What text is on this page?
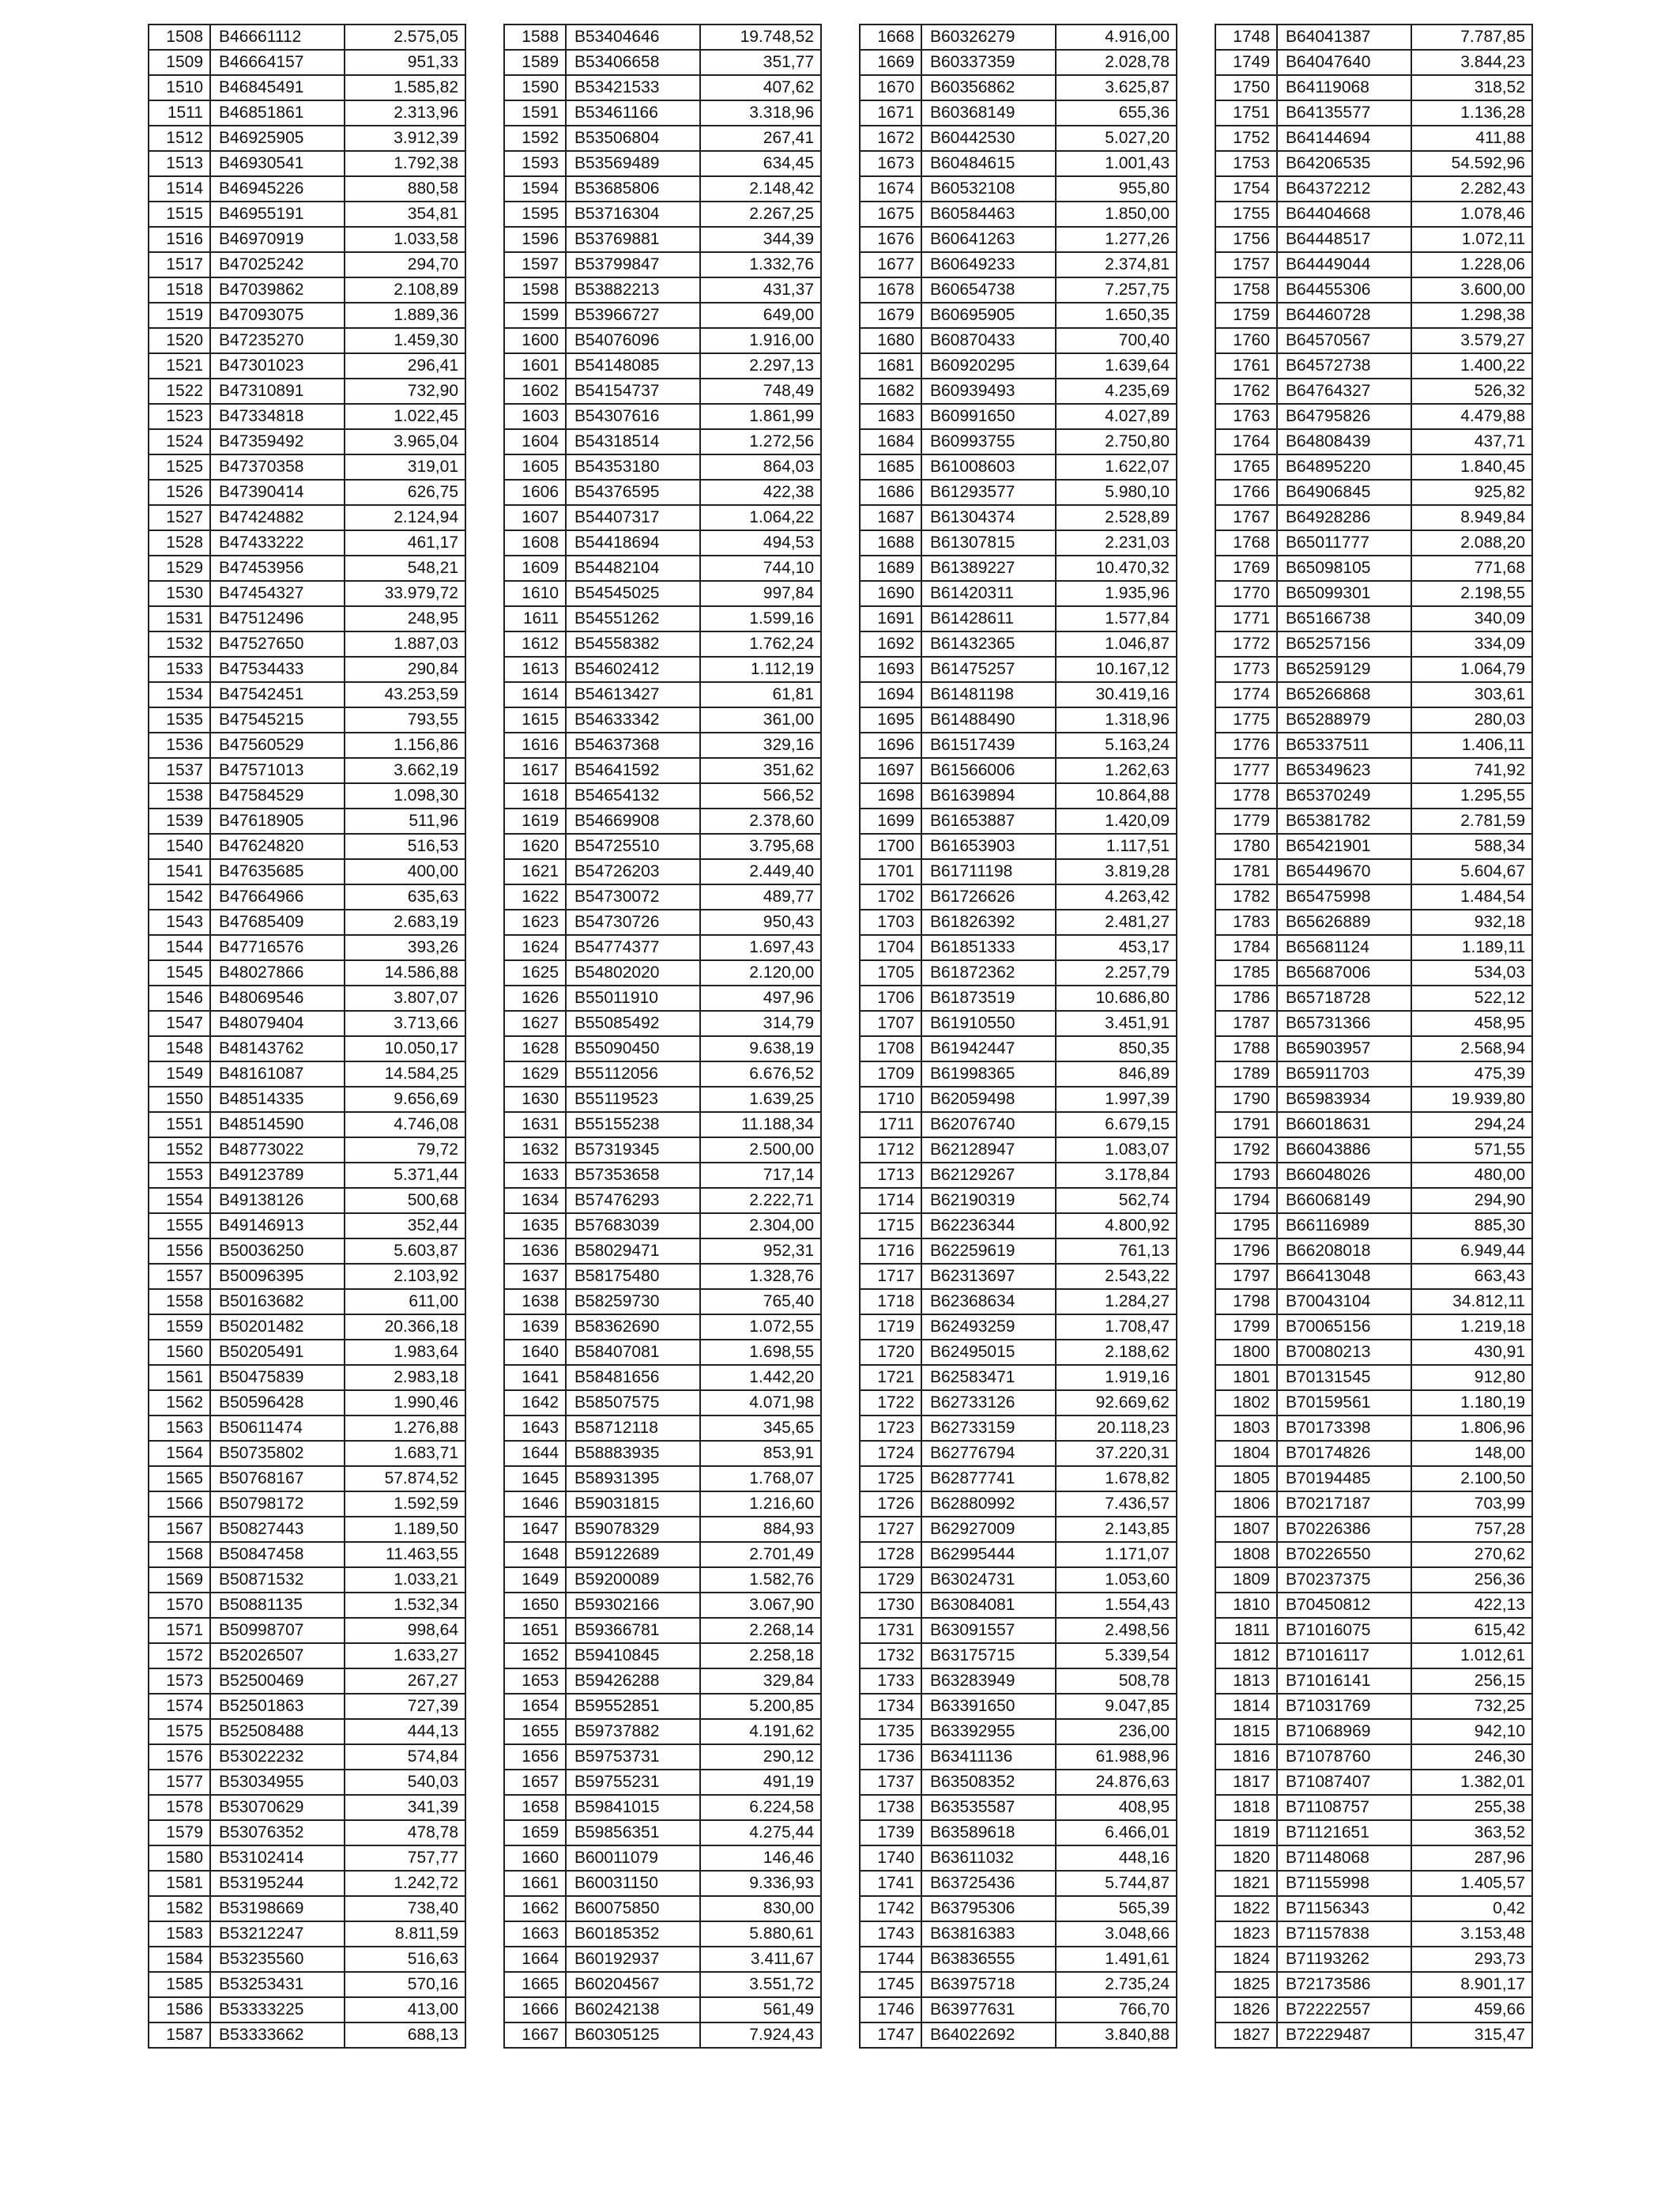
1508	B46661112	2.575,05
1509	B46664157	951,33
1510	B46845491	1.585,82
1511	B46851861	2.313,96
1512	B46925905	3.912,39
1513	B46930541	1.792,38
1514	B46945226	880,58
1515	B46955191	354,81
1516	B46970919	1.033,58
1517	B47025242	294,70
1518	B47039862	2.108,89
1519	B47093075	1.889,36
1520	B47235270	1.459,30
1521	B47301023	296,41
1522	B47310891	732,90
1523	B47334818	1.022,45
1524	B47359492	3.965,04
1525	B47370358	319,01
1526	B47390414	626,75
1527	B47424882	2.124,94
1528	B47433222	461,17
1529	B47453956	548,21
1530	B47454327	33.979,72
1531	B47512496	248,95
1532	B47527650	1.887,03
1533	B47534433	290,84
1534	B47542451	43.253,59
1535	B47545215	793,55
1536	B47560529	1.156,86
1537	B47571013	3.662,19
1538	B47584529	1.098,30
1539	B47618905	511,96
1540	B47624820	516,53
1541	B47635685	400,00
1542	B47664966	635,63
1543	B47685409	2.683,19
1544	B47716576	393,26
1545	B48027866	14.586,88
1546	B48069546	3.807,07
1547	B48079404	3.713,66
1548	B48143762	10.050,17
1549	B48161087	14.584,25
1550	B48514335	9.656,69
1551	B48514590	4.746,08
1552	B48773022	79,72
1553	B49123789	5.371,44
1554	B49138126	500,68
1555	B49146913	352,44
1556	B50036250	5.603,87
1557	B50096395	2.103,92
1558	B50163682	611,00
1559	B50201482	20.366,18
1560	B50205491	1.983,64
1561	B50475839	2.983,18
1562	B50596428	1.990,46
1563	B50611474	1.276,88
1564	B50735802	1.683,71
1565	B50768167	57.874,52
1566	B50798172	1.592,59
1567	B50827443	1.189,50
1568	B50847458	11.463,55
1569	B50871532	1.033,21
1570	B50881135	1.532,34
1571	B50998707	998,64
1572	B52026507	1.633,27
1573	B52500469	267,27
1574	B52501863	727,39
1575	B52508488	444,13
1576	B53022232	574,84
1577	B53034955	540,03
1578	B53070629	341,39
1579	B53076352	478,78
1580	B53102414	757,77
1581	B53195244	1.242,72
1582	B53198669	738,40
1583	B53212247	8.811,59
1584	B53235560	516,63
1585	B53253431	570,16
1586	B53333225	413,00
1587	B53333662	688,13
1588	B53404646	19.748,52
1589	B53406658	351,77
1590	B53421533	407,62
1591	B53461166	3.318,96
1592	B53506804	267,41
1593	B53569489	634,45
1594	B53685806	2.148,42
1595	B53716304	2.267,25
1596	B53769881	344,39
1597	B53799847	1.332,76
1598	B53882213	431,37
1599	B53966727	649,00
1600	B54076096	1.916,00
1601	B54148085	2.297,13
1602	B54154737	748,49
1603	B54307616	1.861,99
1604	B54318514	1.272,56
1605	B54353180	864,03
1606	B54376595	422,38
1607	B54407317	1.064,22
1608	B54418694	494,53
1609	B54482104	744,10
1610	B54545025	997,84
1611	B54551262	1.599,16
1612	B54558382	1.762,24
1613	B54602412	1.112,19
1614	B54613427	61,81
1615	B54633342	361,00
1616	B54637368	329,16
1617	B54641592	351,62
1618	B54654132	566,52
1619	B54669908	2.378,60
1620	B54725510	3.795,68
1621	B54726203	2.449,40
1622	B54730072	489,77
1623	B54730726	950,43
1624	B54774377	1.697,43
1625	B54802020	2.120,00
1626	B55011910	497,96
1627	B55085492	314,79
1628	B55090450	9.638,19
1629	B55112056	6.676,52
1630	B55119523	1.639,25
1631	B55155238	11.188,34
1632	B57319345	2.500,00
1633	B57353658	717,14
1634	B57476293	2.222,71
1635	B57683039	2.304,00
1636	B58029471	952,31
1637	B58175480	1.328,76
1638	B58259730	765,40
1639	B58362690	1.072,55
1640	B58407081	1.698,55
1641	B58481656	1.442,20
1642	B58507575	4.071,98
1643	B58712118	345,65
1644	B58883935	853,91
1645	B58931395	1.768,07
1646	B59031815	1.216,60
1647	B59078329	884,93
1648	B59122689	2.701,49
1649	B59200089	1.582,76
1650	B59302166	3.067,90
1651	B59366781	2.268,14
1652	B59410845	2.258,18
1653	B59426288	329,84
1654	B59552851	5.200,85
1655	B59737882	4.191,62
1656	B59753731	290,12
1657	B59755231	491,19
1658	B59841015	6.224,58
1659	B59856351	4.275,44
1660	B60011079	146,46
1661	B60031150	9.336,93
1662	B60075850	830,00
1663	B60185352	5.880,61
1664	B60192937	3.411,67
1665	B60204567	3.551,72
1666	B60242138	561,49
1667	B60305125	7.924,43
1668	B60326279	4.916,00
1669	B60337359	2.028,78
1670	B60356862	3.625,87
1671	B60368149	655,36
1672	B60442530	5.027,20
1673	B60484615	1.001,43
1674	B60532108	955,80
1675	B60584463	1.850,00
1676	B60641263	1.277,26
1677	B60649233	2.374,81
1678	B60654738	7.257,75
1679	B60695905	1.650,35
1680	B60870433	700,40
1681	B60920295	1.639,64
1682	B60939493	4.235,69
1683	B60991650	4.027,89
1684	B60993755	2.750,80
1685	B61008603	1.622,07
1686	B61293577	5.980,10
1687	B61304374	2.528,89
1688	B61307815	2.231,03
1689	B61389227	10.470,32
1690	B61420311	1.935,96
1691	B61428611	1.577,84
1692	B61432365	1.046,87
1693	B61475257	10.167,12
1694	B61481198	30.419,16
1695	B61488490	1.318,96
1696	B61517439	5.163,24
1697	B61566006	1.262,63
1698	B61639894	10.864,88
1699	B61653887	1.420,09
1700	B61653903	1.117,51
1701	B61711198	3.819,28
1702	B61726626	4.263,42
1703	B61826392	2.481,27
1704	B61851333	453,17
1705	B61872362	2.257,79
1706	B61873519	10.686,80
1707	B61910550	3.451,91
1708	B61942447	850,35
1709	B61998365	846,89
1710	B62059498	1.997,39
1711	B62076740	6.679,15
1712	B62128947	1.083,07
1713	B62129267	3.178,84
1714	B62190319	562,74
1715	B62236344	4.800,92
1716	B62259619	761,13
1717	B62313697	2.543,22
1718	B62368634	1.284,27
1719	B62493259	1.708,47
1720	B62495015	2.188,62
1721	B62583471	1.919,16
1722	B62733126	92.669,62
1723	B62733159	20.118,23
1724	B62776794	37.220,31
1725	B62877741	1.678,82
1726	B62880992	7.436,57
1727	B62927009	2.143,85
1728	B62995444	1.171,07
1729	B63024731	1.053,60
1730	B63084081	1.554,43
1731	B63091557	2.498,56
1732	B63175715	5.339,54
1733	B63283949	508,78
1734	B63391650	9.047,85
1735	B63392955	236,00
1736	B63411136	61.988,96
1737	B63508352	24.876,63
1738	B63535587	408,95
1739	B63589618	6.466,01
1740	B63611032	448,16
1741	B63725436	5.744,87
1742	B63795306	565,39
1743	B63816383	3.048,66
1744	B63836555	1.491,61
1745	B63975718	2.735,24
1746	B63977631	766,70
1747	B64022692	3.840,88
1748	B64041387	7.787,85
1749	B64047640	3.844,23
1750	B64119068	318,52
1751	B64135577	1.136,28
1752	B64144694	411,88
1753	B64206535	54.592,96
1754	B64372212	2.282,43
1755	B64404668	1.078,46
1756	B64448517	1.072,11
1757	B64449044	1.228,06
1758	B64455306	3.600,00
1759	B64460728	1.298,38
1760	B64570567	3.579,27
1761	B64572738	1.400,22
1762	B64764327	526,32
1763	B64795826	4.479,88
1764	B64808439	437,71
1765	B64895220	1.840,45
1766	B64906845	925,82
1767	B64928286	8.949,84
1768	B65011777	2.088,20
1769	B65098105	771,68
1770	B65099301	2.198,55
1771	B65166738	340,09
1772	B65257156	334,09
1773	B65259129	1.064,79
1774	B65266868	303,61
1775	B65288979	280,03
1776	B65337511	1.406,11
1777	B65349623	741,92
1778	B65370249	1.295,55
1779	B65381782	2.781,59
1780	B65421901	588,34
1781	B65449670	5.604,67
1782	B65475998	1.484,54
1783	B65626889	932,18
1784	B65681124	1.189,11
1785	B65687006	534,03
1786	B65718728	522,12
1787	B65731366	458,95
1788	B65903957	2.568,94
1789	B65911703	475,39
1790	B65983934	19.939,80
1791	B66018631	294,24
1792	B66043886	571,55
1793	B66048026	480,00
1794	B66068149	294,90
1795	B66116989	885,30
1796	B66208018	6.949,44
1797	B66413048	663,43
1798	B70043104	34.812,11
1799	B70065156	1.219,18
1800	B70080213	430,91
1801	B70131545	912,80
1802	B70159561	1.180,19
1803	B70173398	1.806,96
1804	B70174826	148,00
1805	B70194485	2.100,50
1806	B70217187	703,99
1807	B70226386	757,28
1808	B70226550	270,62
1809	B70237375	256,36
1810	B70450812	422,13
1811	B71016075	615,42
1812	B71016117	1.012,61
1813	B71016141	256,15
1814	B71031769	732,25
1815	B71068969	942,10
1816	B71078760	246,30
1817	B71087407	1.382,01
1818	B71108757	255,38
1819	B71121651	363,52
1820	B71148068	287,96
1821	B71155998	1.405,57
1822	B71156343	0,42
1823	B71157838	3.153,48
1824	B71193262	293,73
1825	B72173586	8.901,17
1826	B72222557	459,66
1827	B72229487	315,47
